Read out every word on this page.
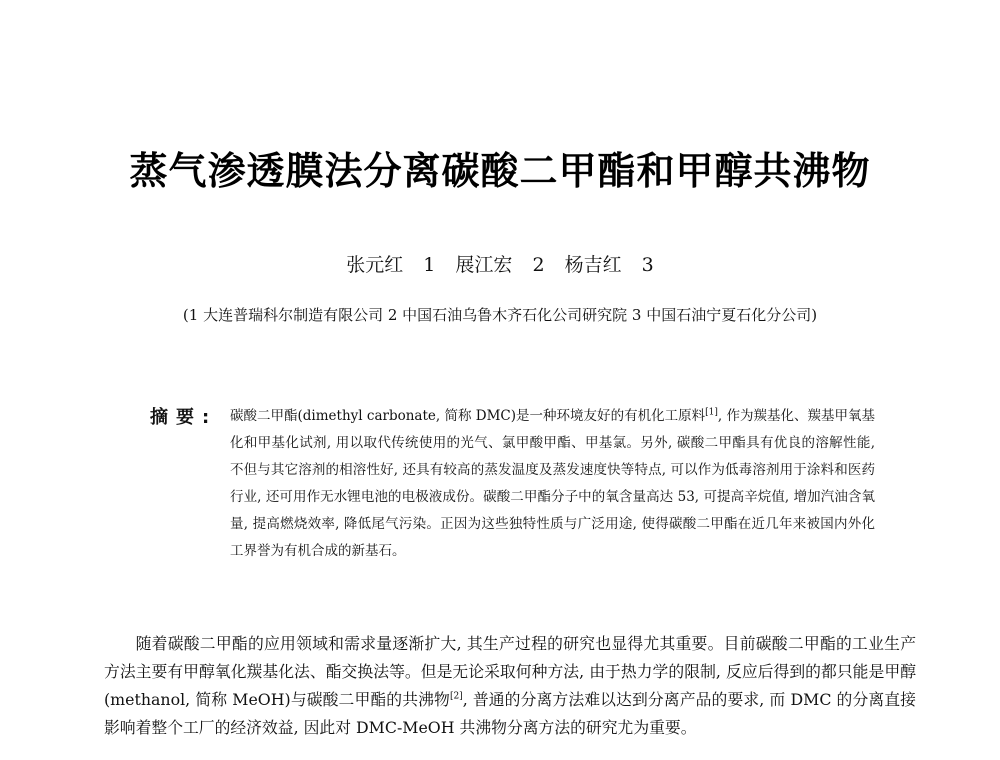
蒸气渗透膜法分离碳酸二甲酯和甲醇共沸物
张元红 1 展江宏 2 杨吉红 3
(1 大连普瑞科尔制造有限公司 2 中国石油乌鲁木齐石化公司研究院 3 中国石油宁夏石化分公司)
摘要: 碳酸二甲酯(dimethyl carbonate, 简称 DMC)是一种环境友好的有机化工原料[1], 作为羰基化、羰基甲氧基化和甲基化试剂, 用以取代传统使用的光气、氯甲酸甲酯、甲基氯。另外, 碳酸二甲酯具有优良的溶解性能, 不但与其它溶剂的相溶性好, 还具有较高的蒸发温度及蒸发速度快等特点, 可以作为低毒溶剂用于涂料和医药行业, 还可用作无水锂电池的电极液成份。碳酸二甲酯分子中的氧含量高达 53, 可提高辛烷值, 增加汽油含氧量, 提高燃烧效率, 降低尾气污染。正因为这些独特性质与广泛用途, 使得碳酸二甲酯在近几年来被国内外化工界誉为有机合成的新基石。
随着碳酸二甲酯的应用领域和需求量逐渐扩大, 其生产过程的研究也显得尤其重要。目前碳酸二甲酯的工业生产方法主要有甲醇氧化羰基化法、酯交换法等。但是无论采取何种方法, 由于热力学的限制, 反应后得到的都只能是甲醇(methanol, 简称 MeOH)与碳酸二甲酯的共沸物[2], 普通的分离方法难以达到分离产品的要求, 而 DMC 的分离直接影响着整个工厂的经济效益, 因此对 DMC-MeOH 共沸物分离方法的研究尤为重要。
